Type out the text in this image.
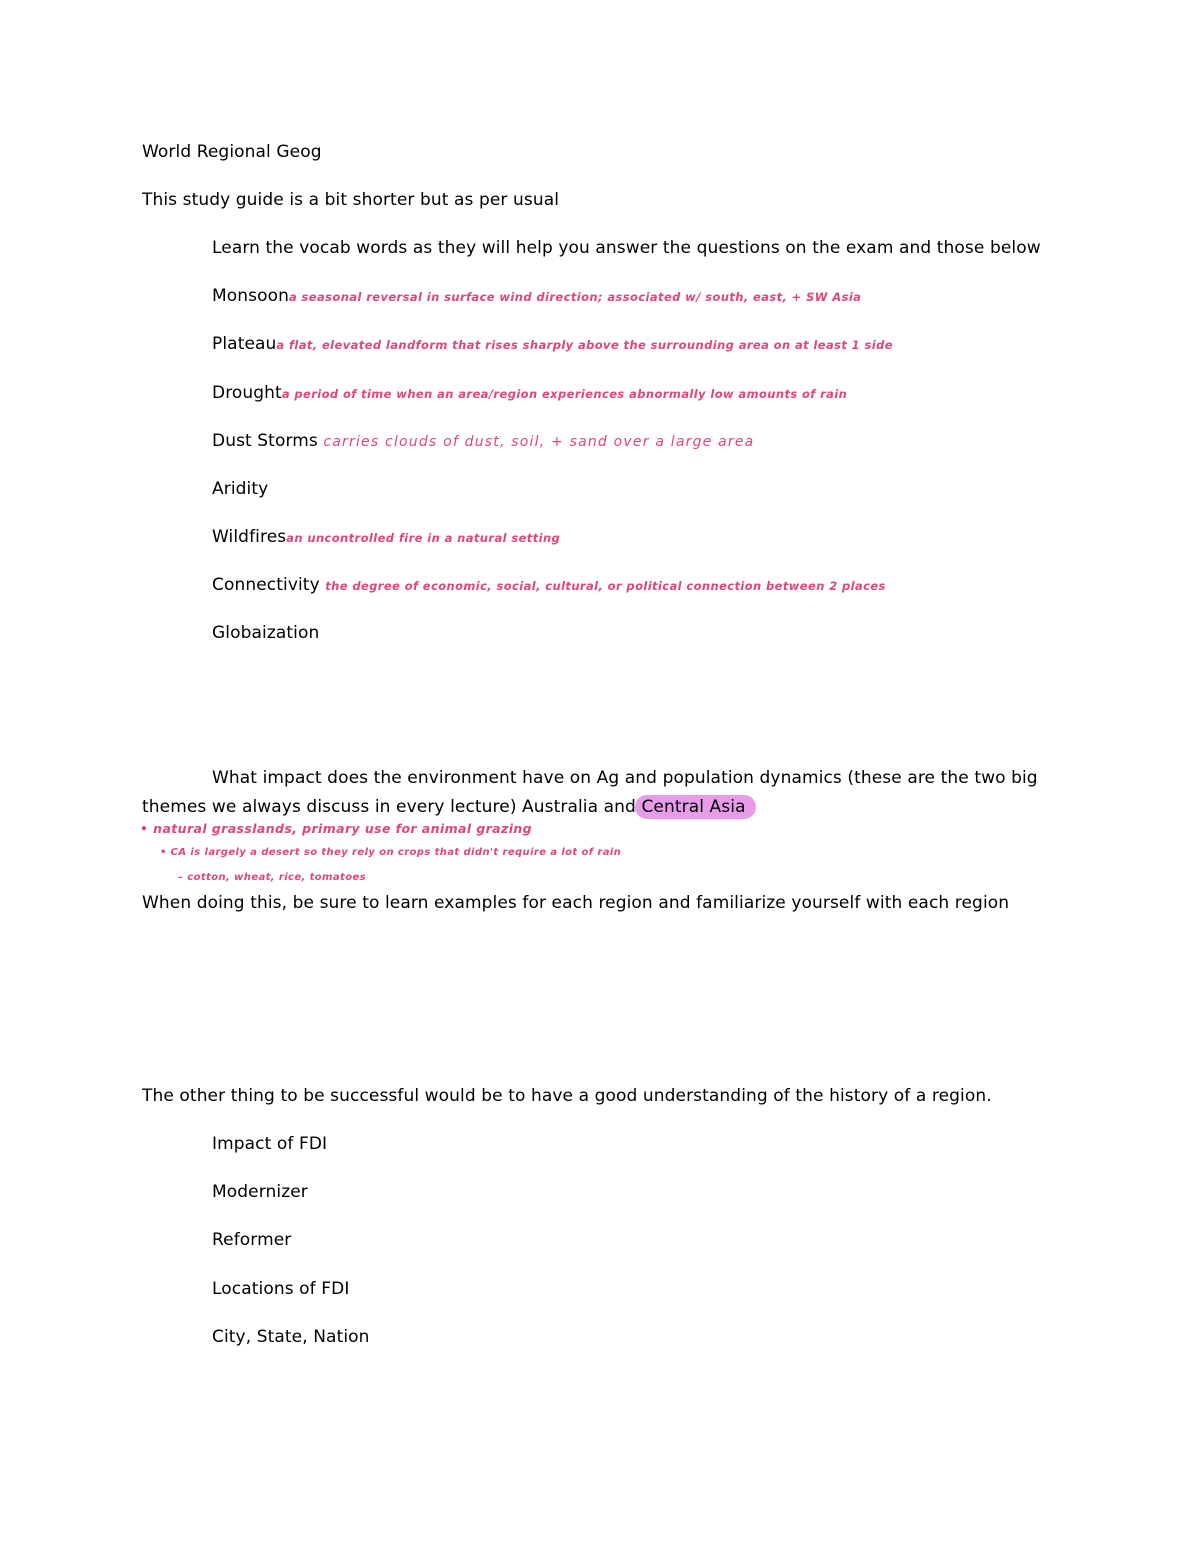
World Regional Geog
This study guide is a bit shorter but as per usual
Learn the vocab words as they will help you answer the questions on the exam and those below
Monsoona seasonal reversal in surface wind direction; associated w/ south, east, + SW Asia
Plateaua flat, elevated landform that rises sharply above the surrounding area on at least 1 side
Droughta period of time when an area/region experiences abnormally low amounts of rain
Dust Storms carries clouds of dust, soil, + sand over a large area
Aridity
Wildfiresan uncontrolled fire in a natural setting
Connectivity the degree of economic, social, cultural, or political connection between 2 places
Globaization
What impact does the environment have on Ag and population dynamics (these are the two big
themes we always discuss in every lecture) Australia and Central Asia
• natural grasslands, primary use for animal grazing
• CA is largely a desert so they rely on crops that didn't require a lot of rain
– cotton, wheat, rice, tomatoes
When doing this, be sure to learn examples for each region and familiarize yourself with each region
The other thing to be successful would be to have a good understanding of the history of a region.
Impact of FDI
Modernizer
Reformer
Locations of FDI
City, State, Nation
